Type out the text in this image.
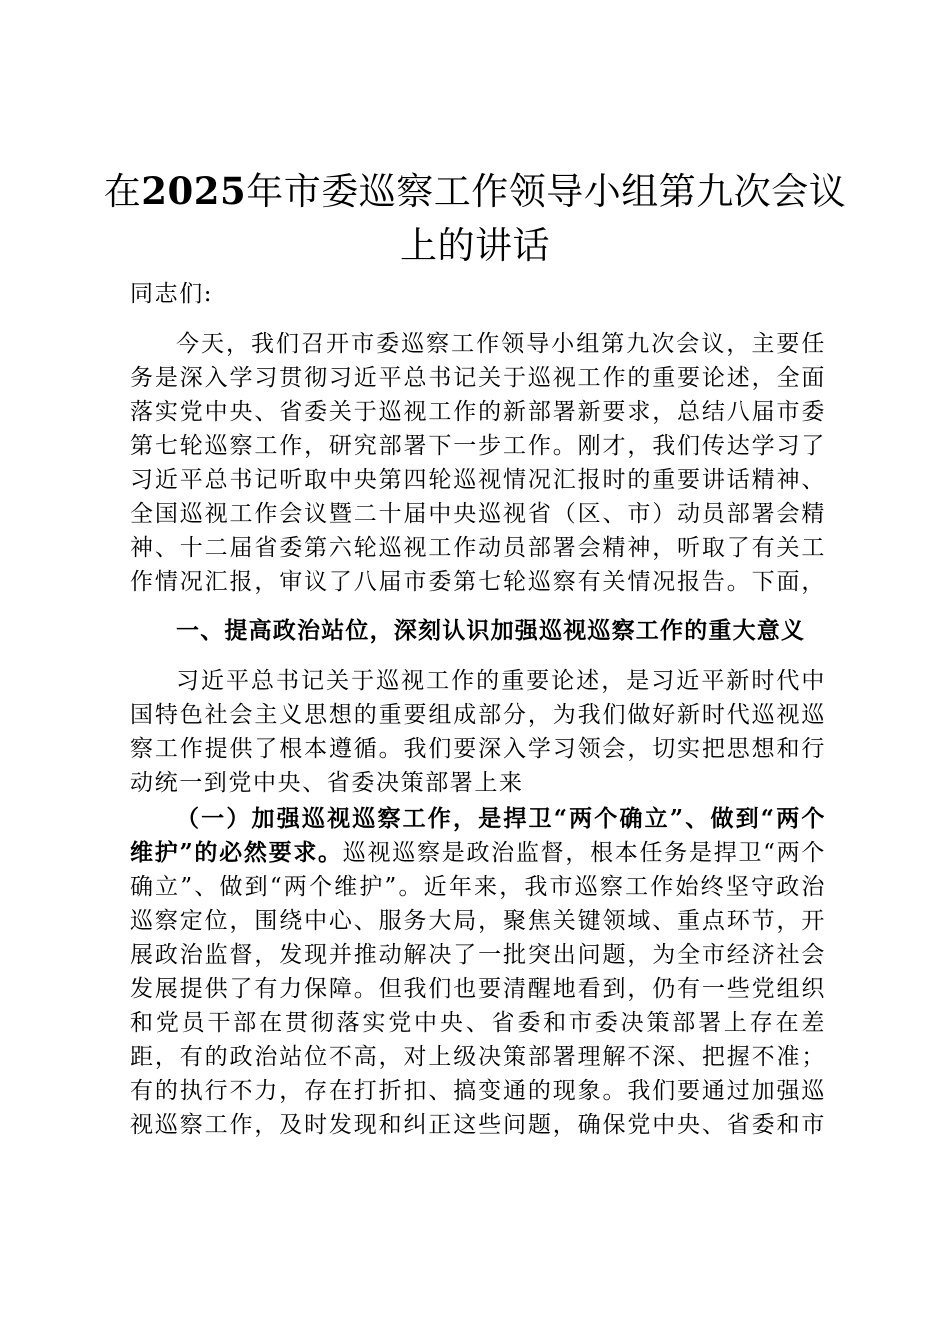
在2025年市委巡察工作领导小组第九次会议上的讲话

同志们:

今天，我们召开市委巡察工作领导小组第九次会议，主要任务是深入学习贯彻习近平总书记关于巡视工作的重要论述，全面落实党中央、省委关于巡视工作的新部署新要求，总结八届市委第七轮巡察工作，研究部署下一步工作。刚才，我们传达学习了习近平总书记听取中央第四轮巡视情况汇报时的重要讲话精神、全国巡视工作会议暨二十届中央巡视省（区、市）动员部署会精神、十二届省委第六轮巡视工作动员部署会精神，听取了有关工作情况汇报，审议了八届市委第七轮巡察有关情况报告。下面，

一、提高政治站位，深刻认识加强巡视巡察工作的重大意义

习近平总书记关于巡视工作的重要论述，是习近平新时代中国特色社会主义思想的重要组成部分，为我们做好新时代巡视巡察工作提供了根本遵循。我们要深入学习领会，切实把思想和行动统一到党中央、省委决策部署上来

（一）加强巡视巡察工作，是捍卫“两个确立”、做到“两个维护”的必然要求。巡视巡察是政治监督，根本任务是捍卫“两个确立”、做到“两个维护”。近年来，我市巡察工作始终坚守政治巡察定位，围绕中心、服务大局，聚焦关键领域、重点环节，开展政治监督，发现并推动解决了一批突出问题，为全市经济社会发展提供了有力保障。但我们也要清醒地看到，仍有一些党组织和党员干部在贯彻落实党中央、省委和市委决策部署上存在差距，有的政治站位不高，对上级决策部署理解不深、把握不准；有的执行不力，存在打折扣、搞变通的现象。我们要通过加强巡视巡察工作，及时发现和纠正这些问题，确保党中央、省委和市
